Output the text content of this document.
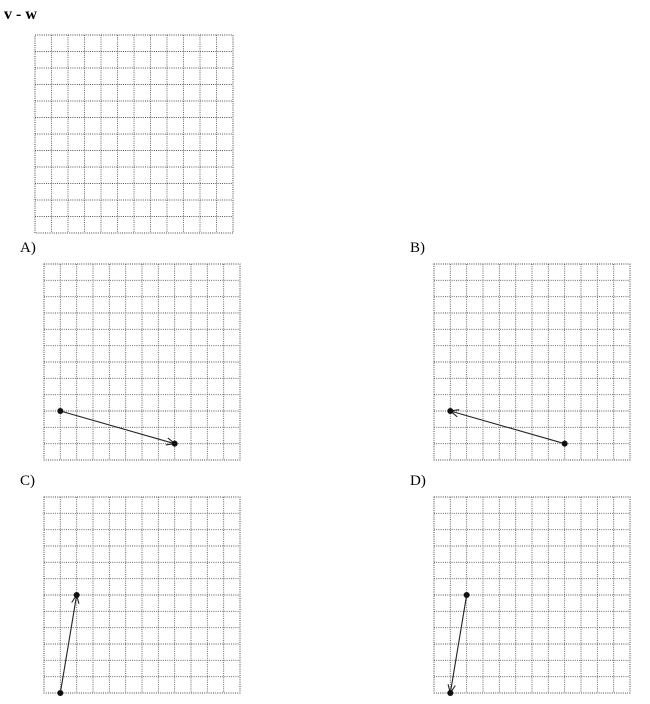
v - w
A)	B)
C)	D)
